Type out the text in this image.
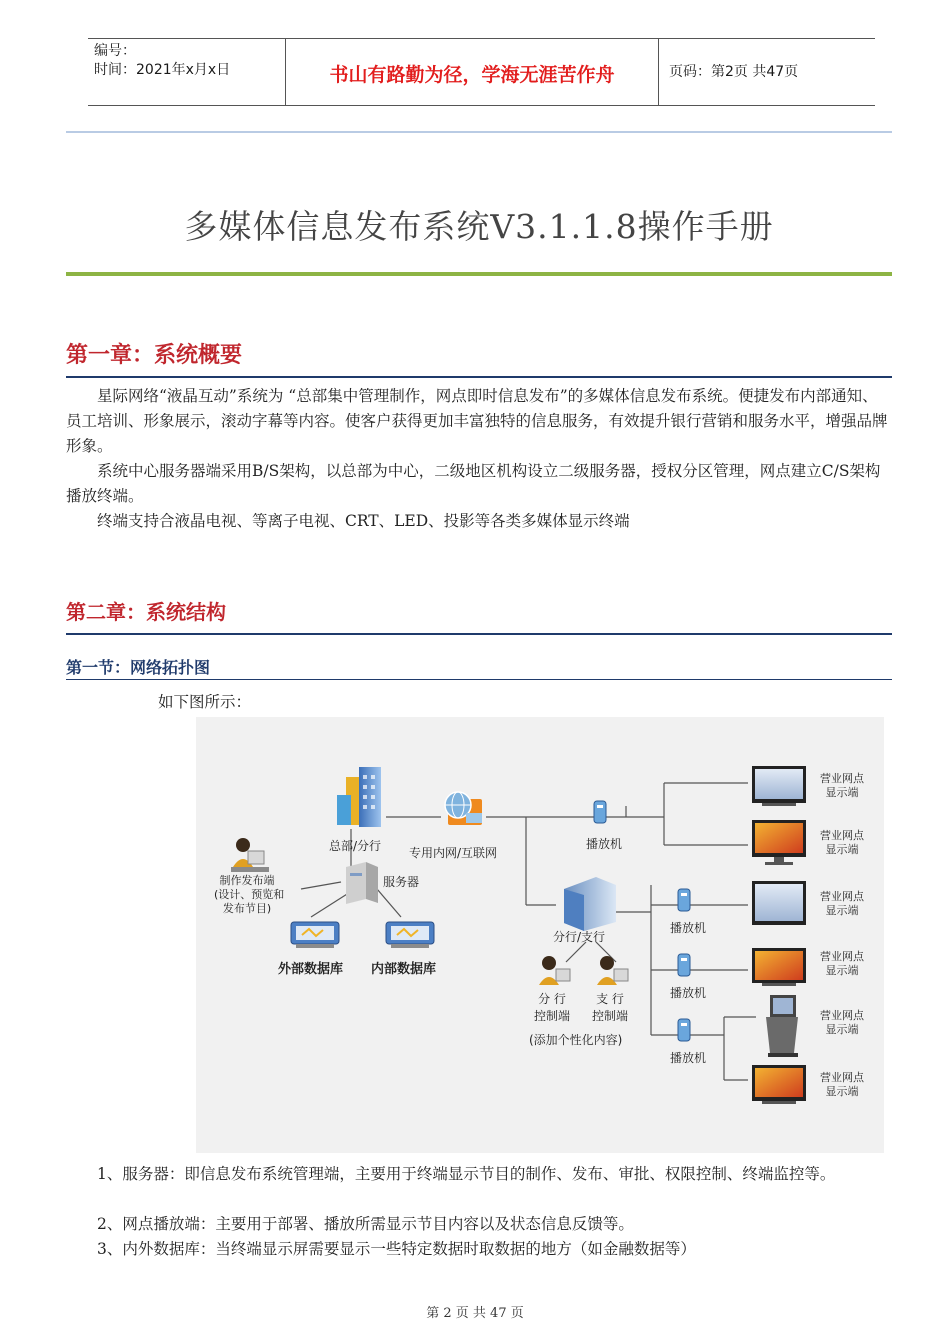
编号：
时间：2021年x月x日	书山有路勤为径，学海无涯苦作舟	页码：第2页 共47页
多媒体信息发布系统V3.1.1.8操作手册
第一章：系统概要
星际网络“液晶互动”系统为 “总部集中管理制作，网点即时信息发布”的多媒体信息发布系统。便捷发布内部通知、员工培训、形象展示，滚动字幕等内容。使客户获得更加丰富独特的信息服务，有效提升银行营销和服务水平，增强品牌形象。
系统中心服务器端采用B/S架构，以总部为中心，二级地区机构设立二级服务器，授权分区管理，网点建立C/S架构播放终端。
终端支持合液晶电视、等离子电视、CRT、LED、投影等各类多媒体显示终端
第二章：系统结构
第一节：网络拓扑图
如下图所示：
总部/分行 专用内网/互联网
服务器
制作发布端
(设计、预览和
发布节目)
外部数据库 内部数据库
播放机
播放机
播放机
播放机
分行/支行
分 行
控制端
支 行
控制端
(添加个性化内容)
营业网点
显示端
营业网点
显示端
营业网点
显示端
营业网点
显示端
营业网点
显示端
营业网点
显示端
1、服务器：即信息发布系统管理端，主要用于终端显示节目的制作、发布、审批、权限控制、终端监控等。
2、网点播放端：主要用于部署、播放所需显示节目内容以及状态信息反馈等。
3、内外数据库：当终端显示屏需要显示一些特定数据时取数据的地方（如金融数据等）
第 2 页 共 47 页
